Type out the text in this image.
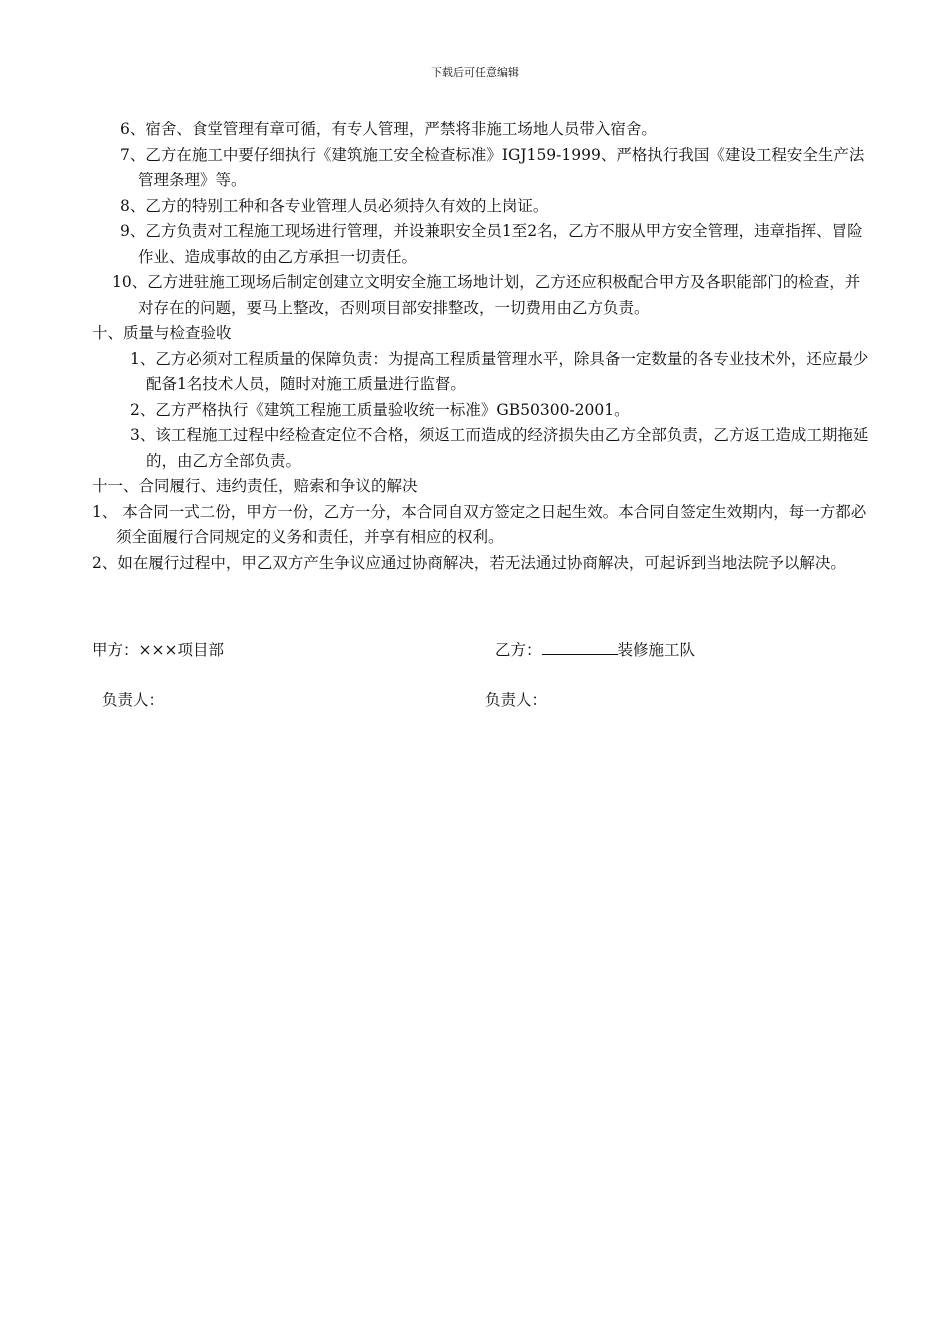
下载后可任意编辑

6、宿舍、食堂管理有章可循，有专人管理，严禁将非施工场地人员带入宿舍。

7、乙方在施工中要仔细执行《建筑施工安全检查标准》IGJ159-1999、严格执行我国《建设工程安全生产法管理条理》等。

8、乙方的特别工种和各专业管理人员必须持久有效的上岗证。

9、乙方负责对工程施工现场进行管理，并设兼职安全员1至2名，乙方不服从甲方安全管理，违章指挥、冒险作业、造成事故的由乙方承担一切责任。

10、乙方进驻施工现场后制定创建立文明安全施工场地计划，乙方还应积极配合甲方及各职能部门的检查，并对存在的问题，要马上整改，否则项目部安排整改，一切费用由乙方负责。

十、质量与检查验收

1、乙方必须对工程质量的保障负责：为提高工程质量管理水平，除具备一定数量的各专业技术外，还应最少配备1名技术人员，随时对施工质量进行监督。

2、乙方严格执行《建筑工程施工质量验收统一标准》GB50300-2001。

3、该工程施工过程中经检查定位不合格，须返工而造成的经济损失由乙方全部负责，乙方返工造成工期拖延的，由乙方全部负责。

十一、合同履行、违约责任，赔索和争议的解决

1、 本合同一式二份，甲方一份，乙方一分，本合同自双方签定之日起生效。本合同自签定生效期内，每一方都必须全面履行合同规定的义务和责任，并享有相应的权利。

2、如在履行过程中，甲乙双方产生争议应通过协商解决，若无法通过协商解决，可起诉到当地法院予以解决。

甲方：×××项目部	乙方：	装修施工队
负责人：	负责人：
